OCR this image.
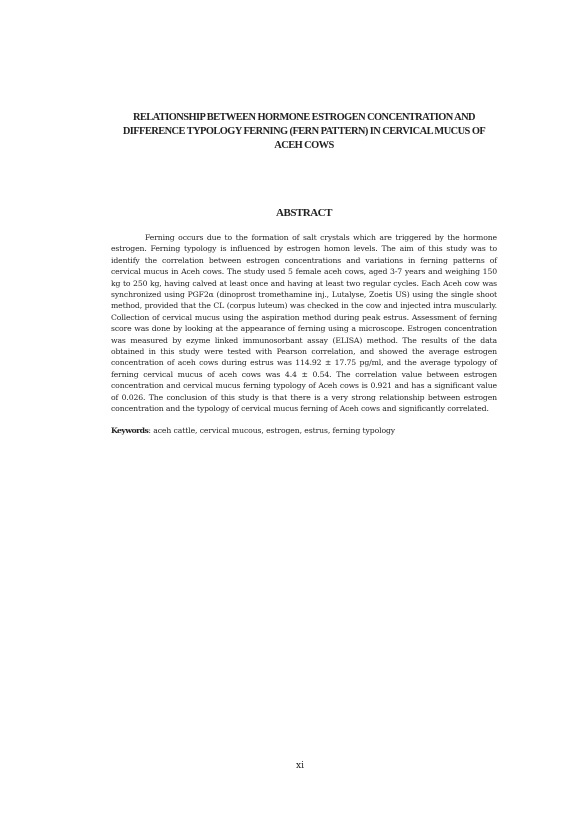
RELATIONSHIP BETWEEN HORMONE ESTROGEN CONCENTRATION AND DIFFERENCE TYPOLOGY FERNING (FERN PATTERN) IN CERVICAL MUCUS OF ACEH COWS
ABSTRACT

Ferning occurs due to the formation of salt crystals which are triggered by the hormone estrogen. Ferning typology is influenced by estrogen homon levels. The aim of this study was to identify the correlation between estrogen concentrations and variations in ferning patterns of cervical mucus in Aceh cows. The study used 5 female aceh cows, aged 3-7 years and weighing 150 kg to 250 kg, having calved at least once and having at least two regular cycles. Each Aceh cow was synchronized using PGF2α (dinoprost tromethamine inj., Lutalyse, Zoetis US) using the single shoot method, provided that the CL (corpus luteum) was checked in the cow and injected intra muscularly. Collection of cervical mucus using the aspiration method during peak estrus. Assessment of ferning score was done by looking at the appearance of ferning using a microscope. Estrogen concentration was measured by ezyme linked immunosorbant assay (ELISA) method. The results of the data obtained in this study were tested with Pearson correlation, and showed the average estrogen concentration of aceh cows during estrus was 114.92 ± 17.75 pg/ml, and the average typology of ferning cervical mucus of aceh cows was 4.4 ± 0.54. The correlation value between estrogen concentration and cervical mucus ferning typology of Aceh cows is 0.921 and has a significant value of 0.026. The conclusion of this study is that there is a very strong relationship between estrogen concentration and the typology of cervical mucus ferning of Aceh cows and significantly correlated.

Keywords: aceh cattle, cervical mucous, estrogen, estrus, ferning typology
xi
